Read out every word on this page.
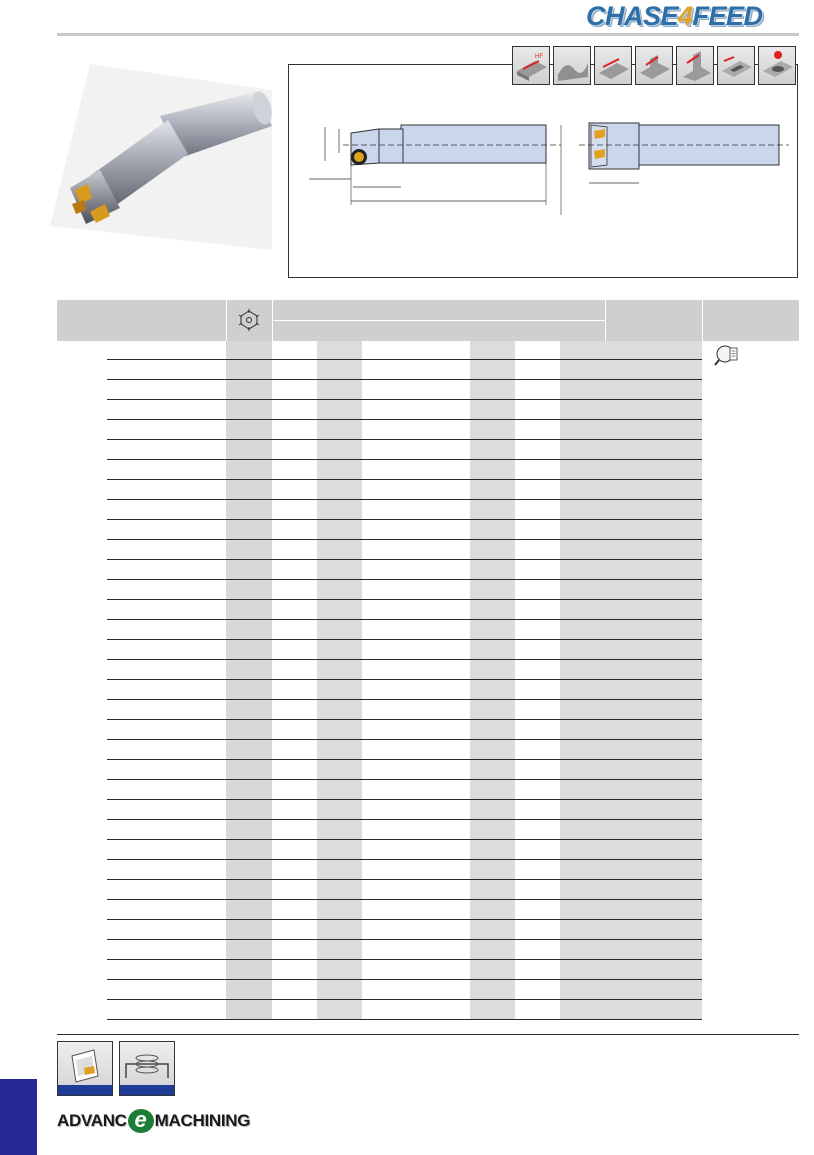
CHASE4FEED
HF

ADVANC e MACHINING
